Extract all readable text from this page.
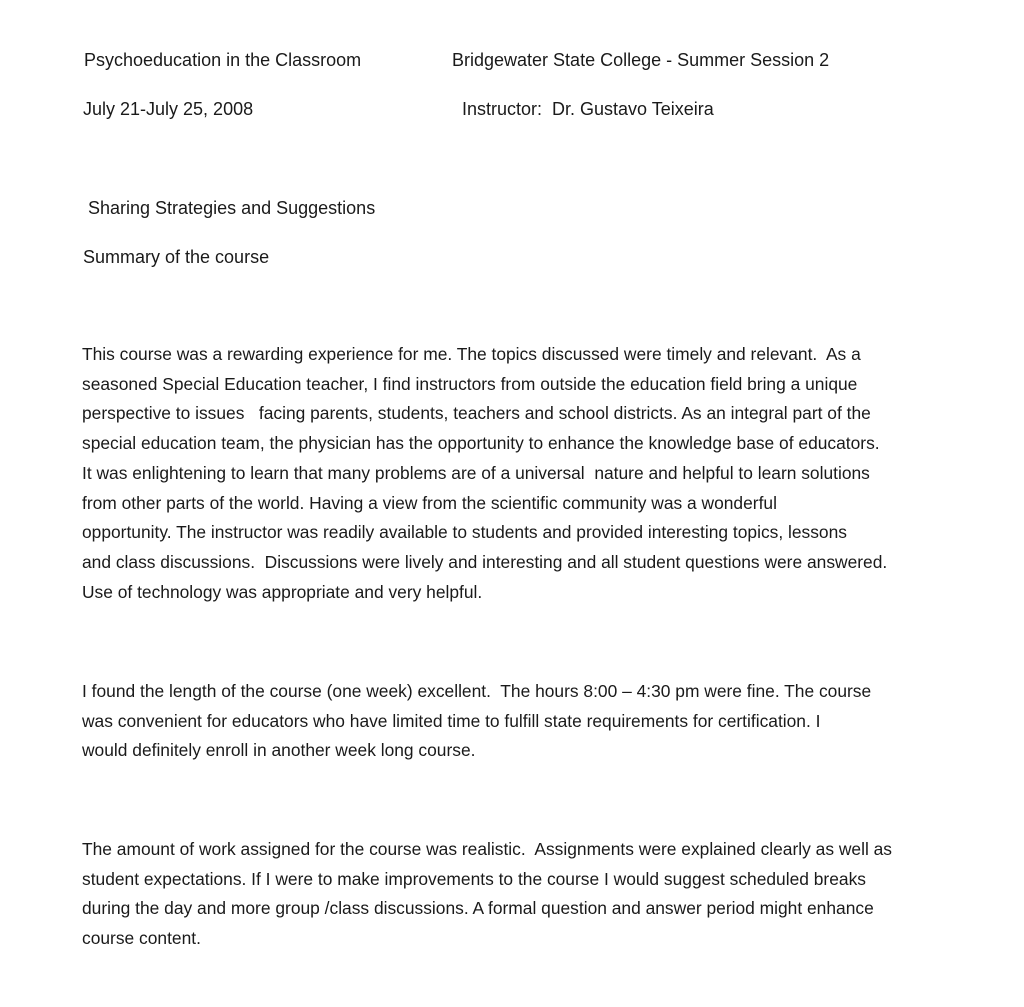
Psychoeducation in the Classroom	Bridgewater State College - Summer Session 2
July 21-July 25, 2008	Instructor:  Dr. Gustavo Teixeira
Sharing Strategies and Suggestions
Summary of the course
This course was a rewarding experience for me. The topics discussed were timely and relevant.  As a
seasoned Special Education teacher, I find instructors from outside the education field bring a unique
perspective to issues   facing parents, students, teachers and school districts. As an integral part of the
special education team, the physician has the opportunity to enhance the knowledge base of educators.
It was enlightening to learn that many problems are of a universal  nature and helpful to learn solutions
from other parts of the world. Having a view from the scientific community was a wonderful
opportunity. The instructor was readily available to students and provided interesting topics, lessons
and class discussions.  Discussions were lively and interesting and all student questions were answered.
Use of technology was appropriate and very helpful.
I found the length of the course (one week) excellent.  The hours 8:00 – 4:30 pm were fine. The course
was convenient for educators who have limited time to fulfill state requirements for certification. I
would definitely enroll in another week long course.
The amount of work assigned for the course was realistic.  Assignments were explained clearly as well as
student expectations. If I were to make improvements to the course I would suggest scheduled breaks
during the day and more group /class discussions. A formal question and answer period might enhance
course content.
